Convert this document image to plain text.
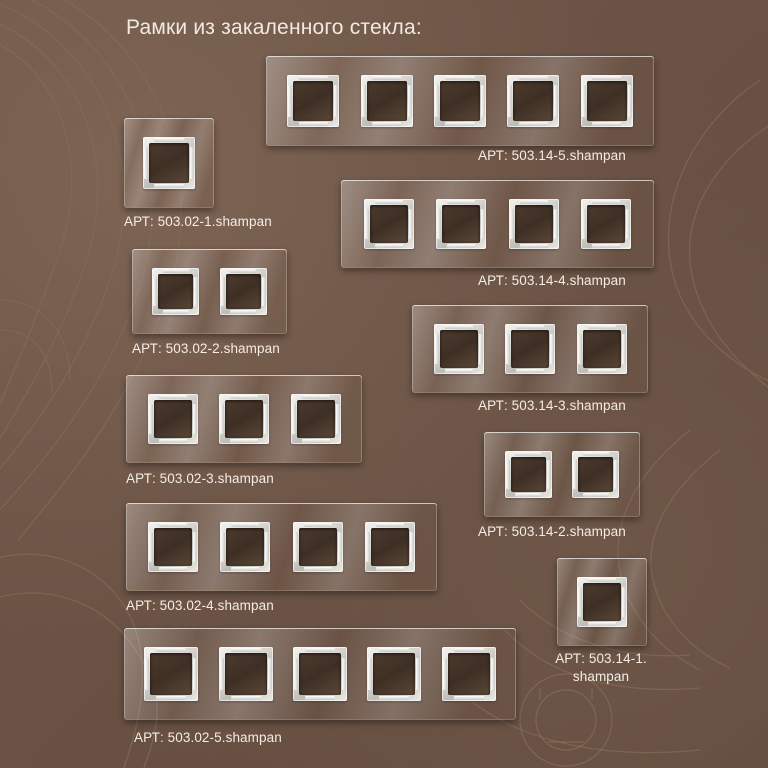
Рамки из закаленного стекла:
АРТ: 503.02-1.shampan
АРТ: 503.02-2.shampan
АРТ: 503.02-3.shampan
АРТ: 503.02-4.shampan
АРТ: 503.02-5.shampan
АРТ: 503.14-5.shampan
АРТ: 503.14-4.shampan
АРТ: 503.14-3.shampan
АРТ: 503.14-2.shampan
АРТ: 503.14-1. shampan
